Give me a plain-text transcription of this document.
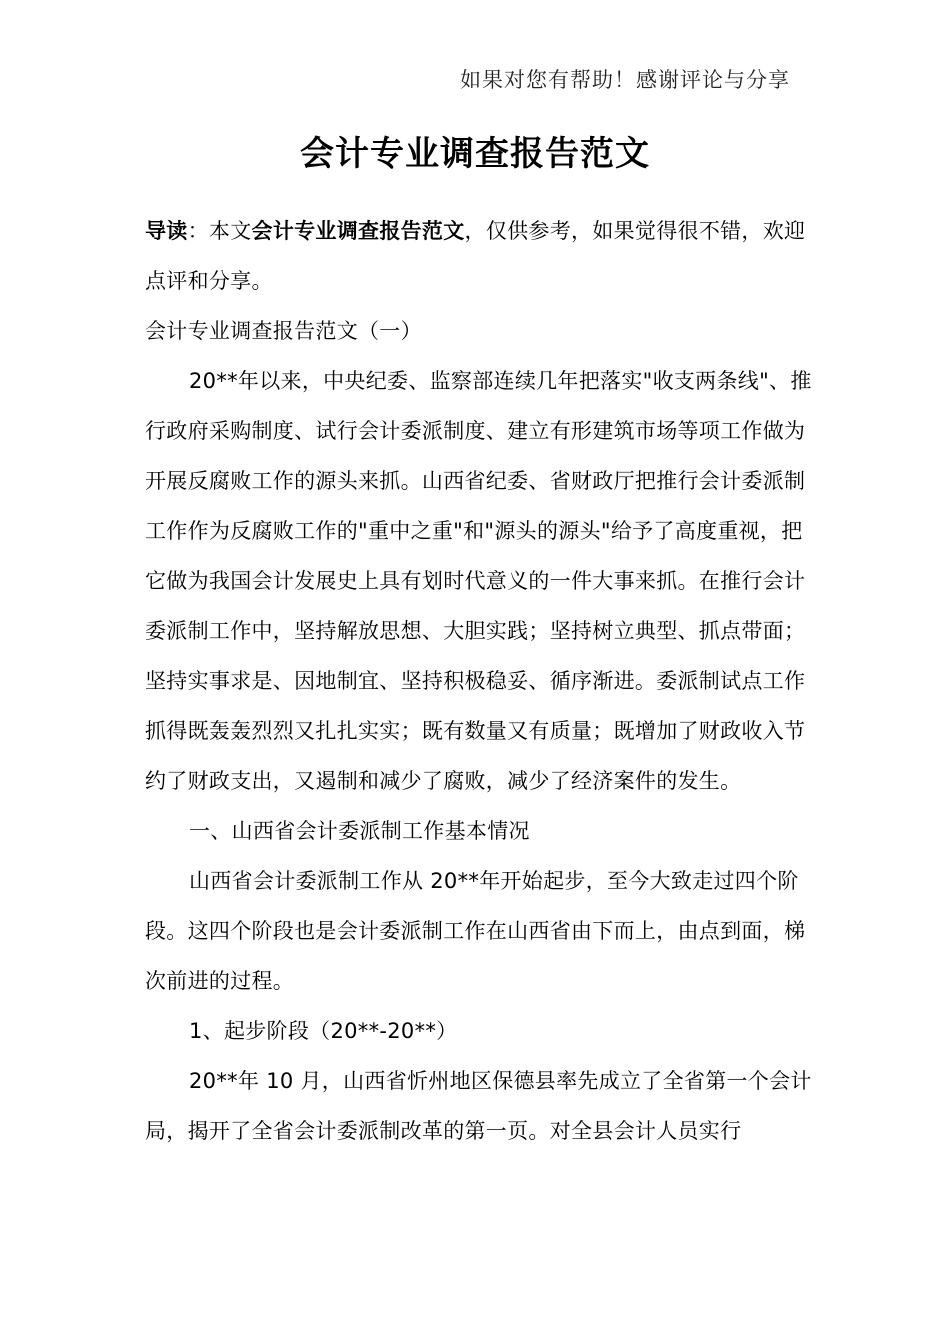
如果对您有帮助！感谢评论与分享
会计专业调查报告范文

导读：本文会计专业调查报告范文，仅供参考，如果觉得很不错，欢迎点评和分享。

会计专业调查报告范文（一）

20**年以来，中央纪委、监察部连续几年把落实"收支两条线"、推行政府采购制度、试行会计委派制度、建立有形建筑市场等项工作做为开展反腐败工作的源头来抓。山西省纪委、省财政厅把推行会计委派制工作作为反腐败工作的"重中之重"和"源头的源头"给予了高度重视，把它做为我国会计发展史上具有划时代意义的一件大事来抓。在推行会计委派制工作中，坚持解放思想、大胆实践；坚持树立典型、抓点带面；坚持实事求是、因地制宜、坚持积极稳妥、循序渐进。委派制试点工作抓得既轰轰烈烈又扎扎实实；既有数量又有质量；既增加了财政收入节约了财政支出，又遏制和减少了腐败，减少了经济案件的发生。

一、山西省会计委派制工作基本情况

山西省会计委派制工作从 20**年开始起步，至今大致走过四个阶段。这四个阶段也是会计委派制工作在山西省由下而上，由点到面，梯次前进的过程。

1、起步阶段（20**-20**）

20**年 10 月，山西省忻州地区保德县率先成立了全省第一个会计局，揭开了全省会计委派制改革的第一页。对全县会计人员实行
